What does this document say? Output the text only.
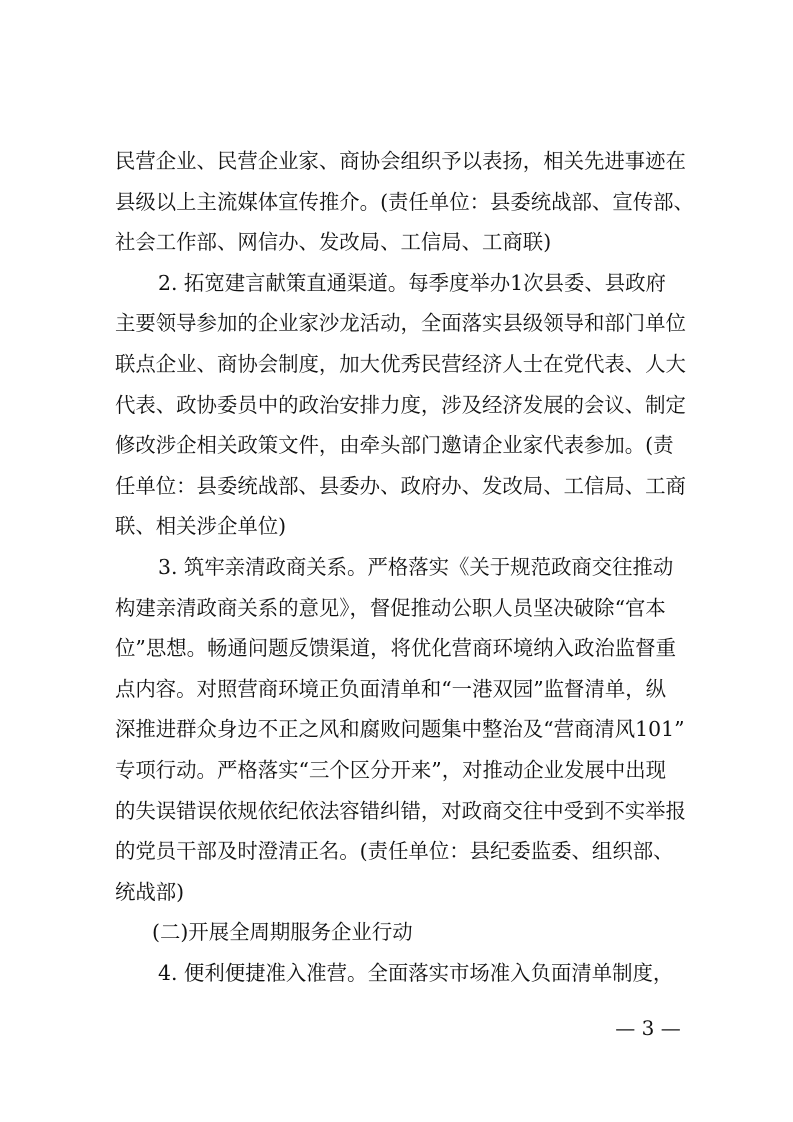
民营企业、民营企业家、商协会组织予以表扬，相关先进事迹在
县级以上主流媒体宣传推介。(责任单位：县委统战部、宣传部、
社会工作部、网信办、发改局、工信局、工商联)
2. 拓宽建言献策直通渠道。每季度举办1次县委、县政府
主要领导参加的企业家沙龙活动，全面落实县级领导和部门单位
联点企业、商协会制度，加大优秀民营经济人士在党代表、人大
代表、政协委员中的政治安排力度，涉及经济发展的会议、制定
修改涉企相关政策文件，由牵头部门邀请企业家代表参加。(责
任单位：县委统战部、县委办、政府办、发改局、工信局、工商
联、相关涉企单位)
3. 筑牢亲清政商关系。严格落实《关于规范政商交往推动
构建亲清政商关系的意见》，督促推动公职人员坚决破除“官本
位”思想。畅通问题反馈渠道，将优化营商环境纳入政治监督重
点内容。对照营商环境正负面清单和“一港双园”监督清单，纵
深推进群众身边不正之风和腐败问题集中整治及“营商清风101”
专项行动。严格落实“三个区分开来”，对推动企业发展中出现
的失误错误依规依纪依法容错纠错，对政商交往中受到不实举报
的党员干部及时澄清正名。(责任单位：县纪委监委、组织部、
统战部)
(二)开展全周期服务企业行动
4. 便利便捷准入准营。全面落实市场准入负面清单制度，
— 3 —
